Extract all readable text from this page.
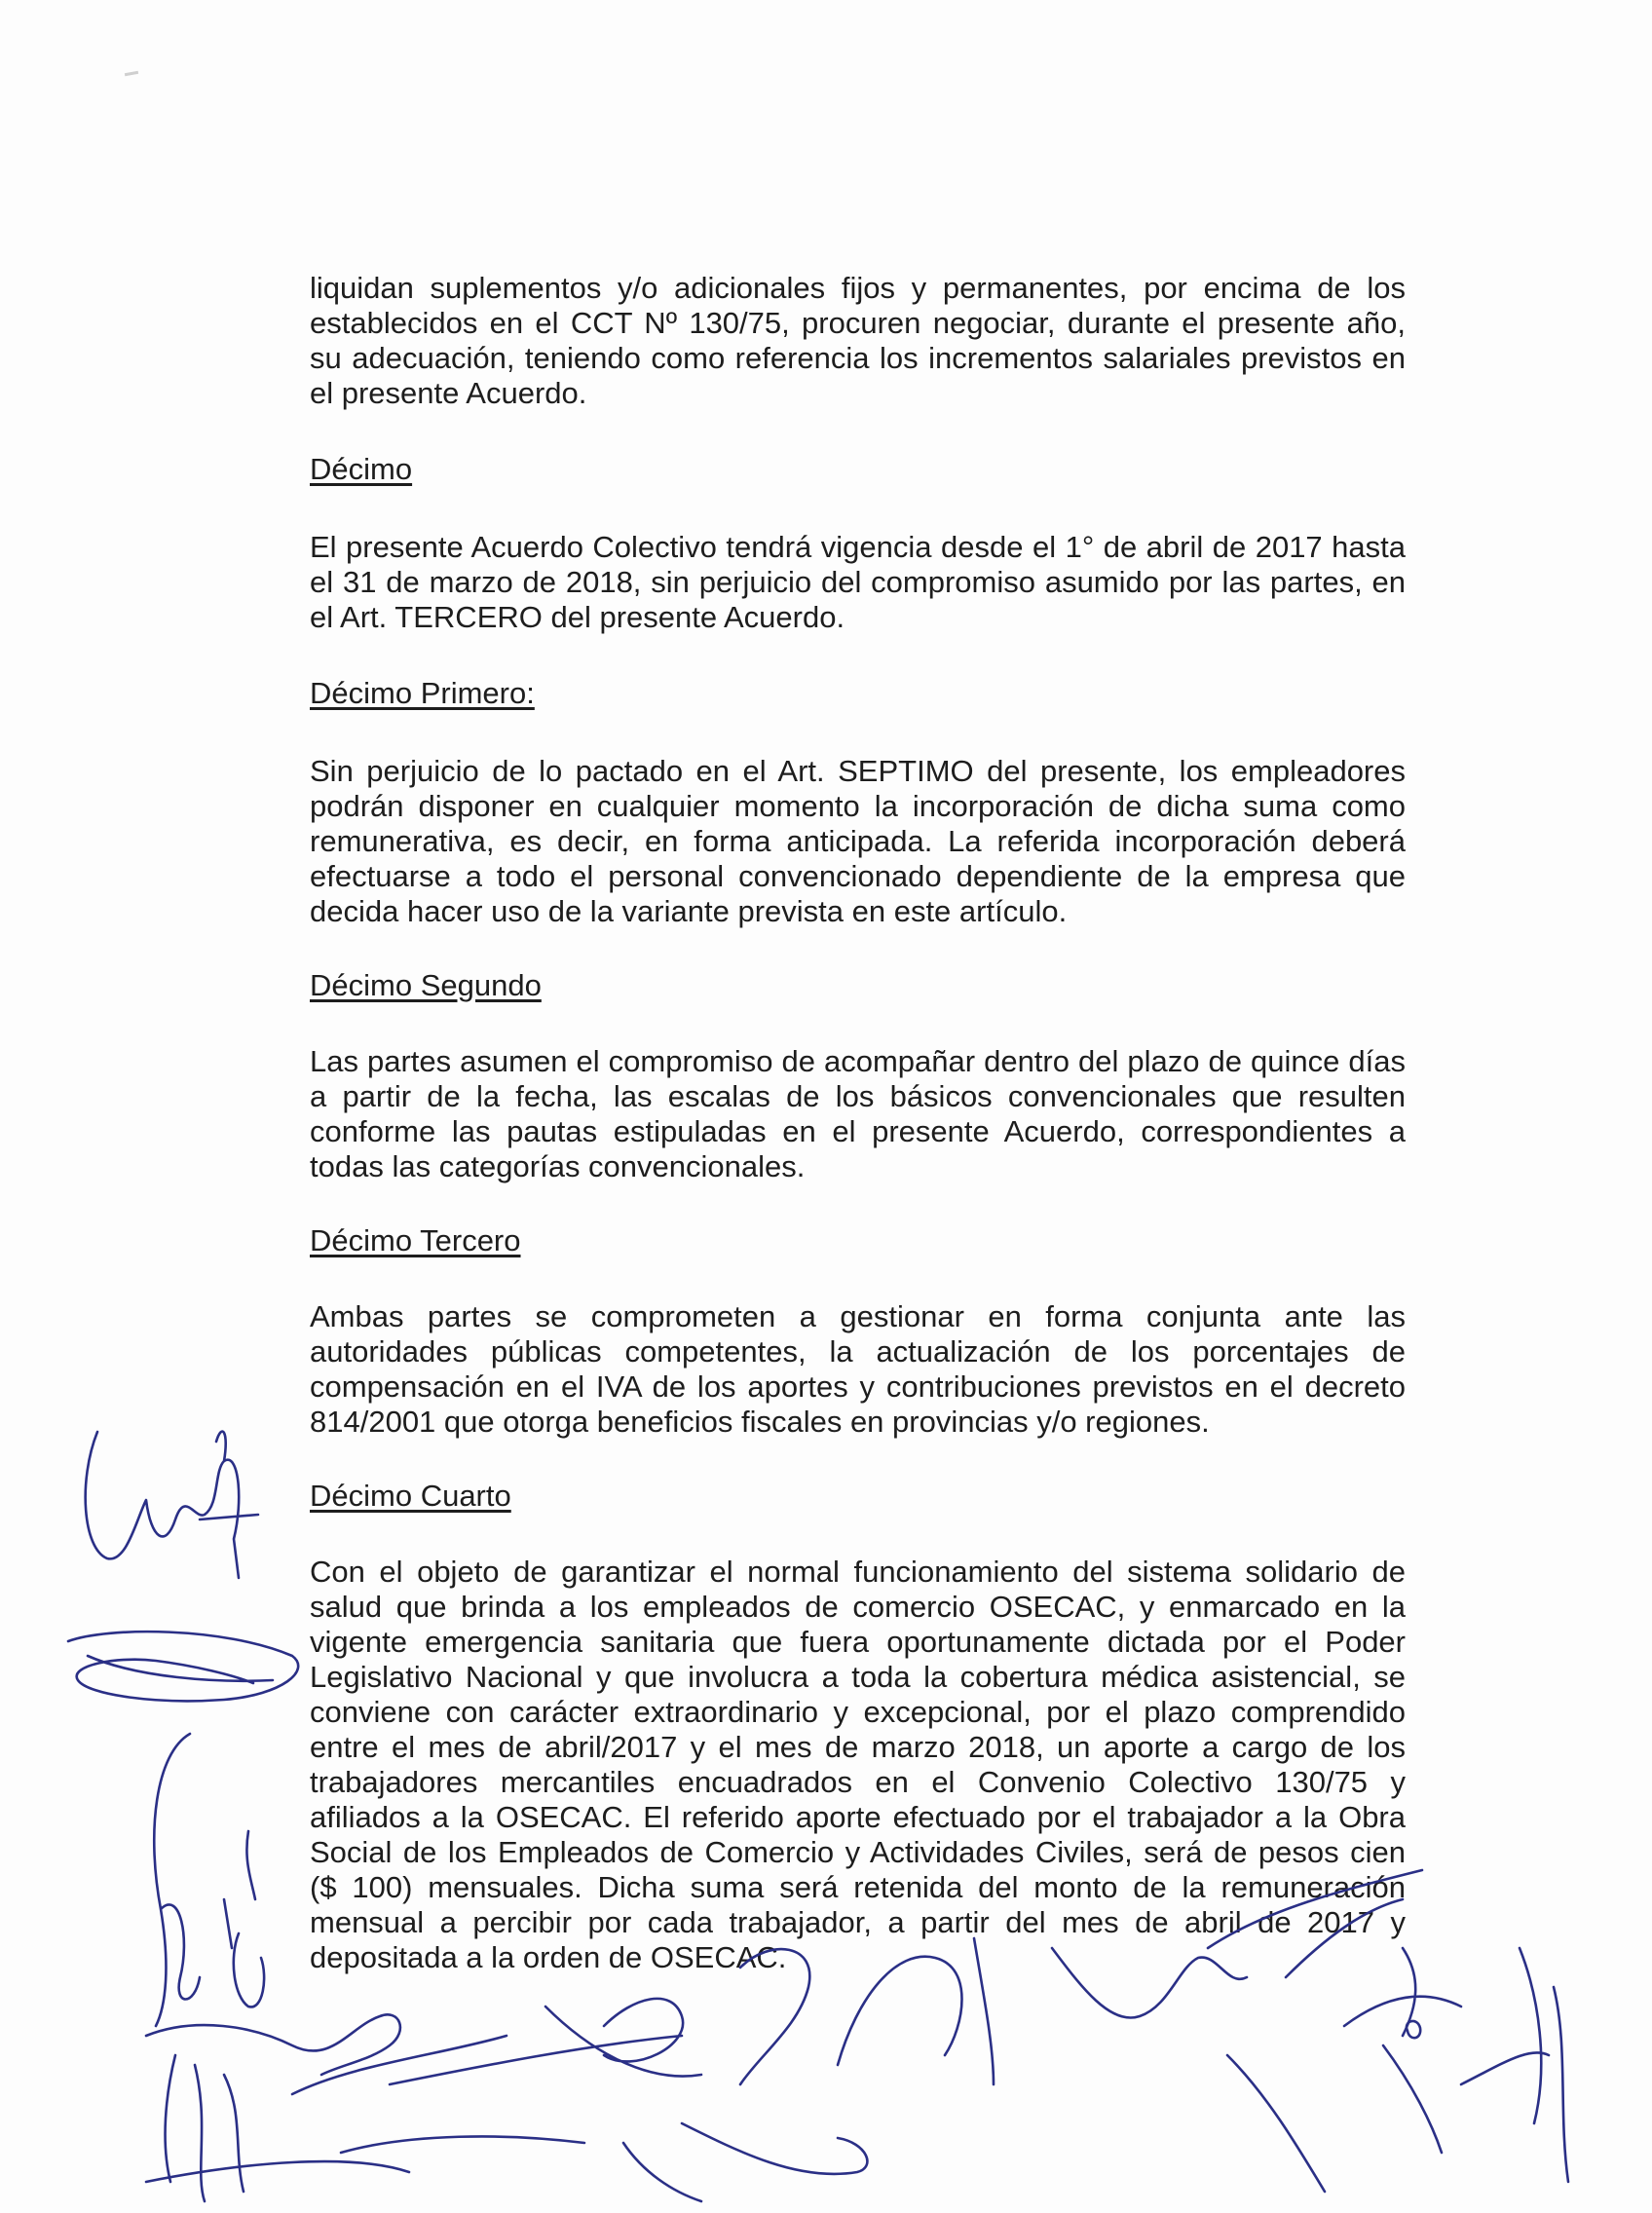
liquidan suplementos y/o adicionales fijos y permanentes, por encima de los establecidos en el CCT Nº 130/75, procuren negociar, durante el presente año, su adecuación, teniendo como referencia los incrementos salariales previstos en el presente Acuerdo.

Décimo

El presente Acuerdo Colectivo tendrá vigencia desde el 1° de abril de 2017 hasta el 31 de marzo de 2018, sin perjuicio del compromiso asumido por las partes, en el Art. TERCERO del presente Acuerdo.

Décimo Primero:

Sin perjuicio de lo pactado en el Art. SEPTIMO del presente, los empleadores podrán disponer en cualquier momento la incorporación de dicha suma como remunerativa, es decir, en forma anticipada. La referida incorporación deberá efectuarse a todo el personal convencionado dependiente de la empresa que decida hacer uso de la variante prevista en este artículo.

Décimo Segundo

Las partes asumen el compromiso de acompañar dentro del plazo de quince días a partir de la fecha, las escalas de los básicos convencionales que resulten conforme las pautas estipuladas en el presente Acuerdo, correspondientes a todas las categorías convencionales.

Décimo Tercero

Ambas partes se comprometen a gestionar en forma conjunta ante las autoridades públicas competentes, la actualización de los porcentajes de compensación en el IVA de los aportes y contribuciones previstos en el decreto 814/2001 que otorga beneficios fiscales en provincias y/o regiones.

Décimo Cuarto

Con el objeto de garantizar el normal funcionamiento del sistema solidario de salud que brinda a los empleados de comercio OSECAC, y enmarcado en la vigente emergencia sanitaria que fuera oportunamente dictada por el Poder Legislativo Nacional y que involucra a toda la cobertura médica asistencial, se conviene con carácter extraordinario y excepcional, por el plazo comprendido entre el mes de abril/2017 y el mes de marzo 2018, un aporte a cargo de los trabajadores mercantiles encuadrados en el Convenio Colectivo 130/75 y afiliados a la OSECAC. El referido aporte efectuado por el trabajador a la Obra Social de los Empleados de Comercio y Actividades Civiles, será de pesos cien ($ 100) mensuales. Dicha suma será retenida del monto de la remuneración mensual a percibir por cada trabajador, a partir del mes de abril de 2017 y depositada a la orden de OSECAC.
